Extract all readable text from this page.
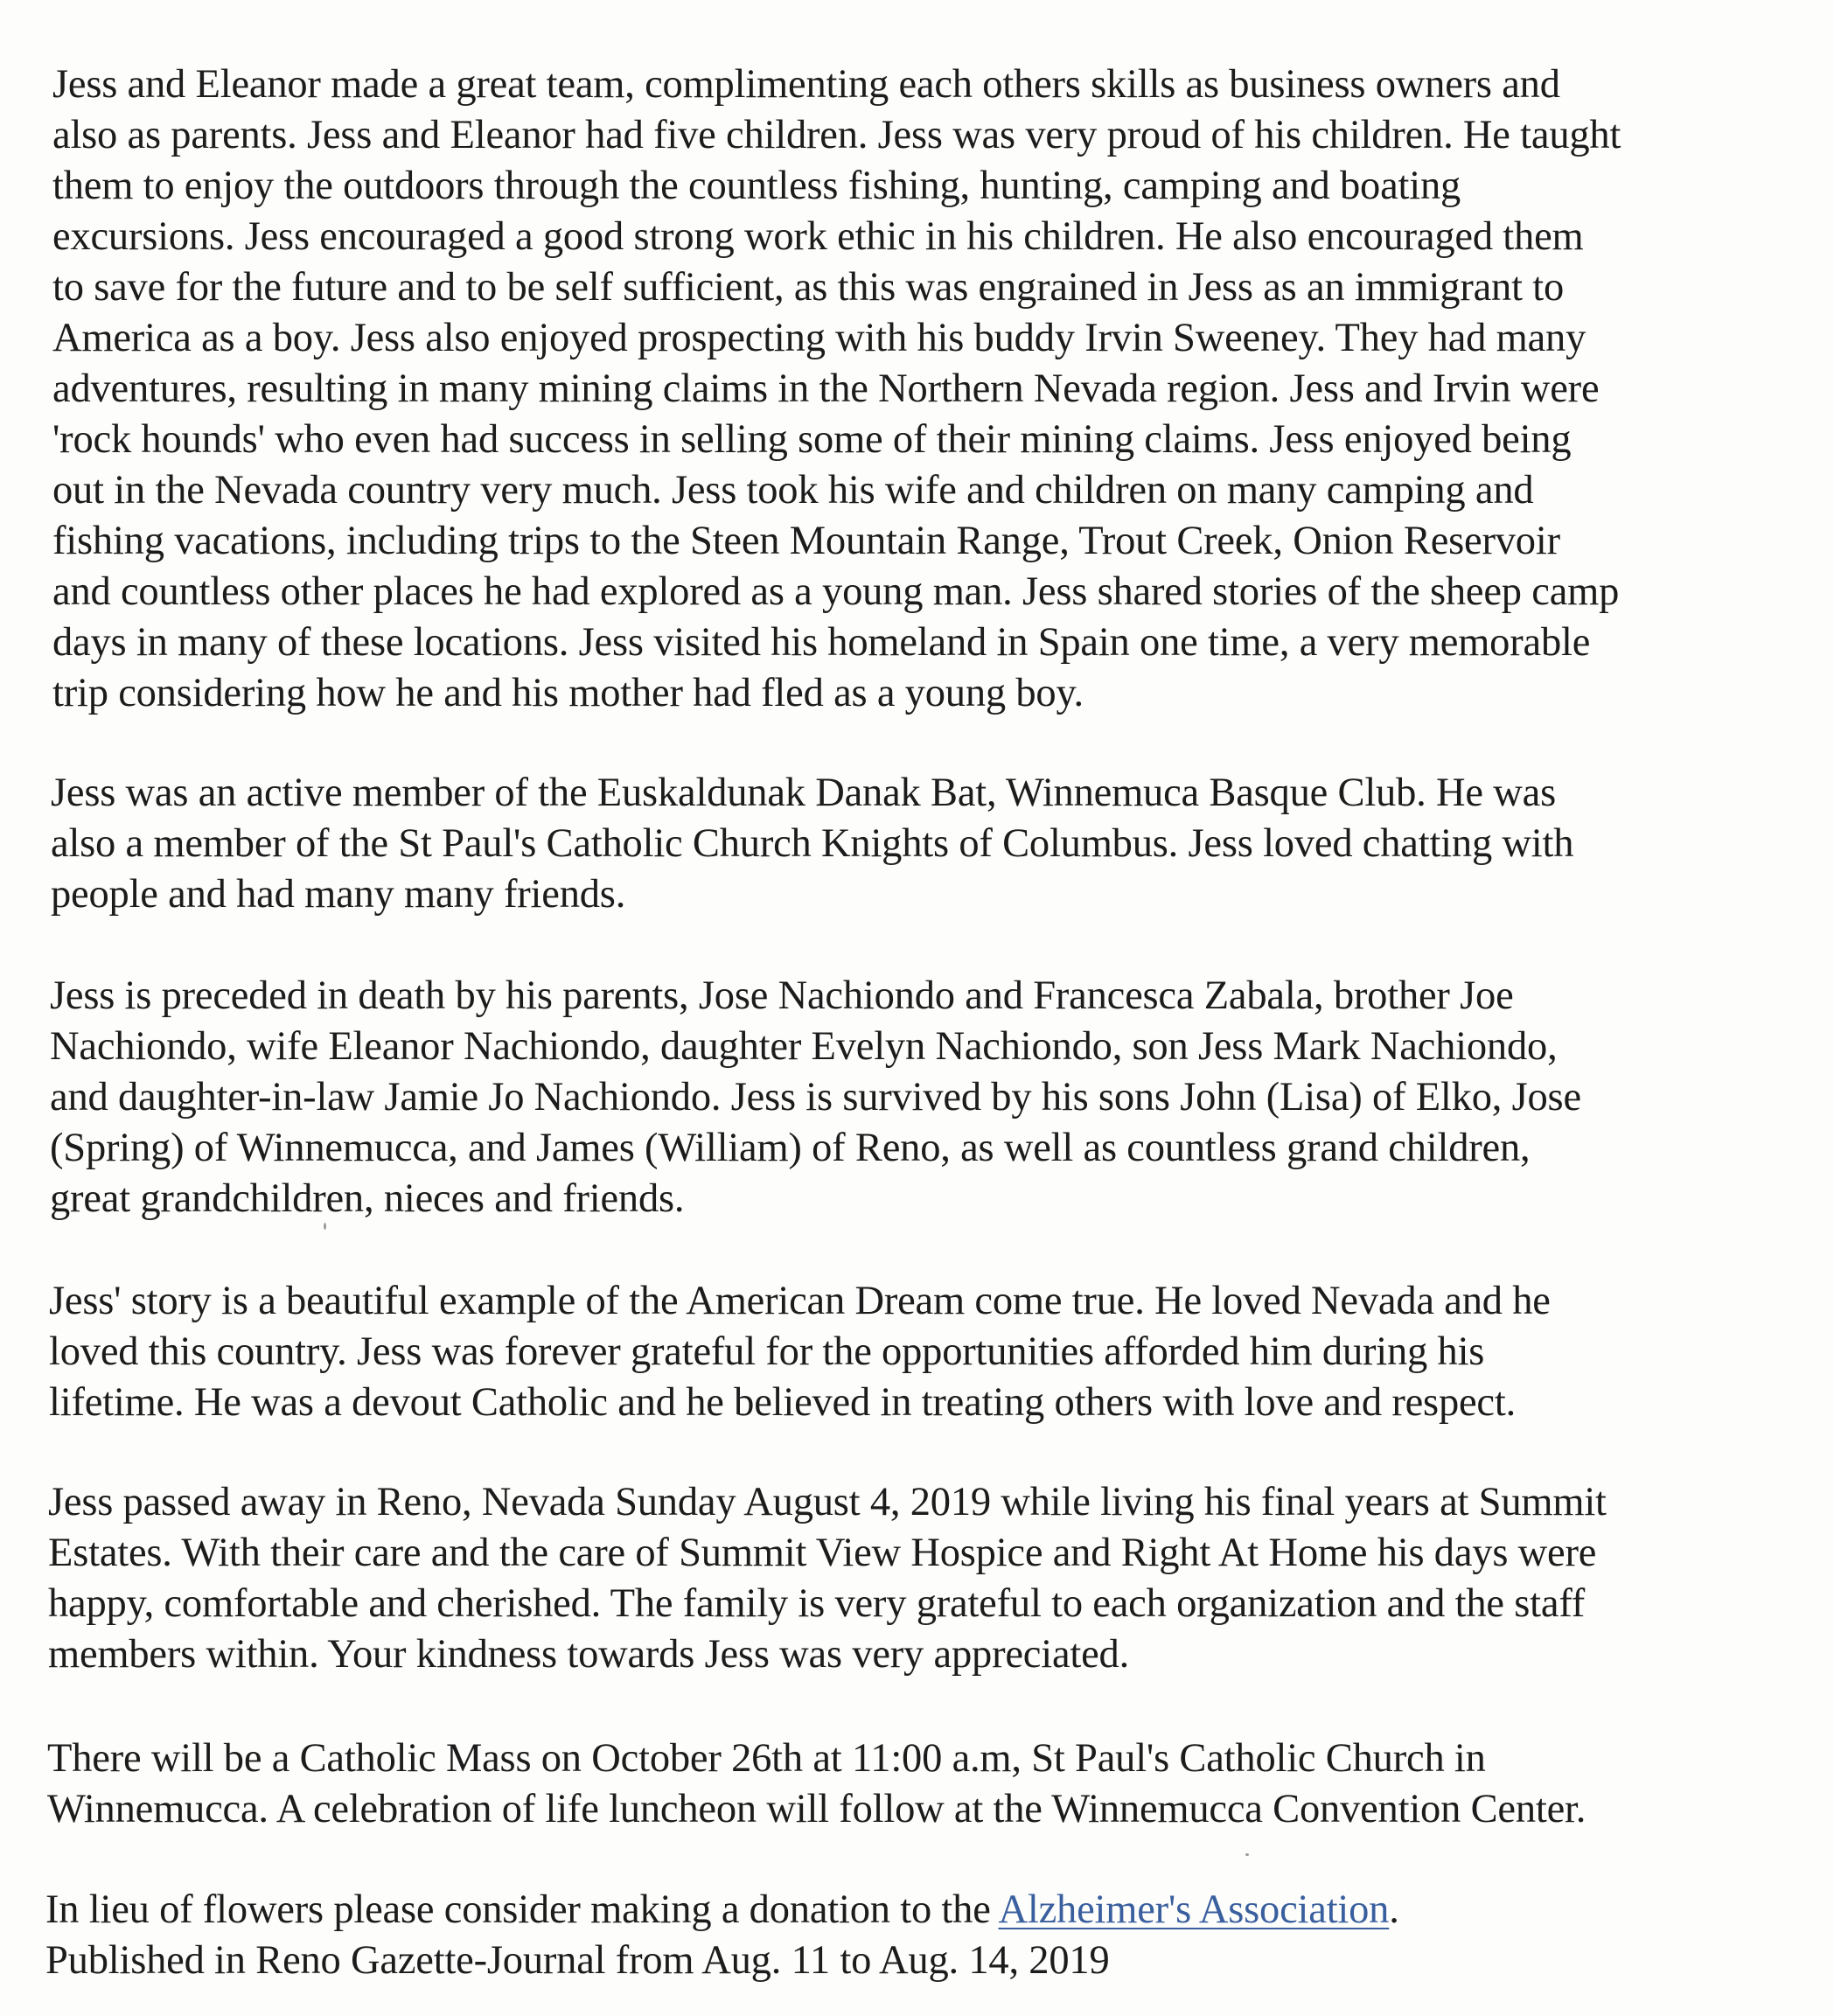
Jess and Eleanor made a great team, complimenting each others skills as business owners and
also as parents. Jess and Eleanor had five children. Jess was very proud of his children. He taught
them to enjoy the outdoors through the countless fishing, hunting, camping and boating
excursions. Jess encouraged a good strong work ethic in his children. He also encouraged them
to save for the future and to be self sufficient, as this was engrained in Jess as an immigrant to
America as a boy. Jess also enjoyed prospecting with his buddy Irvin Sweeney. They had many
adventures, resulting in many mining claims in the Northern Nevada region. Jess and Irvin were
'rock hounds' who even had success in selling some of their mining claims. Jess enjoyed being
out in the Nevada country very much. Jess took his wife and children on many camping and
fishing vacations, including trips to the Steen Mountain Range, Trout Creek, Onion Reservoir
and countless other places he had explored as a young man. Jess shared stories of the sheep camp
days in many of these locations. Jess visited his homeland in Spain one time, a very memorable
trip considering how he and his mother had fled as a young boy.

Jess was an active member of the Euskaldunak Danak Bat, Winnemuca Basque Club. He was
also a member of the St Paul's Catholic Church Knights of Columbus. Jess loved chatting with
people and had many many friends.

Jess is preceded in death by his parents, Jose Nachiondo and Francesca Zabala, brother Joe
Nachiondo, wife Eleanor Nachiondo, daughter Evelyn Nachiondo, son Jess Mark Nachiondo,
and daughter-in-law Jamie Jo Nachiondo. Jess is survived by his sons John (Lisa) of Elko, Jose
(Spring) of Winnemucca, and James (William) of Reno, as well as countless grand children,
great grandchildren, nieces and friends.

Jess' story is a beautiful example of the American Dream come true. He loved Nevada and he
loved this country. Jess was forever grateful for the opportunities afforded him during his
lifetime. He was a devout Catholic and he believed in treating others with love and respect.

Jess passed away in Reno, Nevada Sunday August 4, 2019 while living his final years at Summit
Estates. With their care and the care of Summit View Hospice and Right At Home his days were
happy, comfortable and cherished. The family is very grateful to each organization and the staff
members within. Your kindness towards Jess was very appreciated.

There will be a Catholic Mass on October 26th at 11:00 a.m, St Paul's Catholic Church in
Winnemucca. A celebration of life luncheon will follow at the Winnemucca Convention Center.

In lieu of flowers please consider making a donation to the Alzheimer's Association.
Published in Reno Gazette-Journal from Aug. 11 to Aug. 14, 2019
